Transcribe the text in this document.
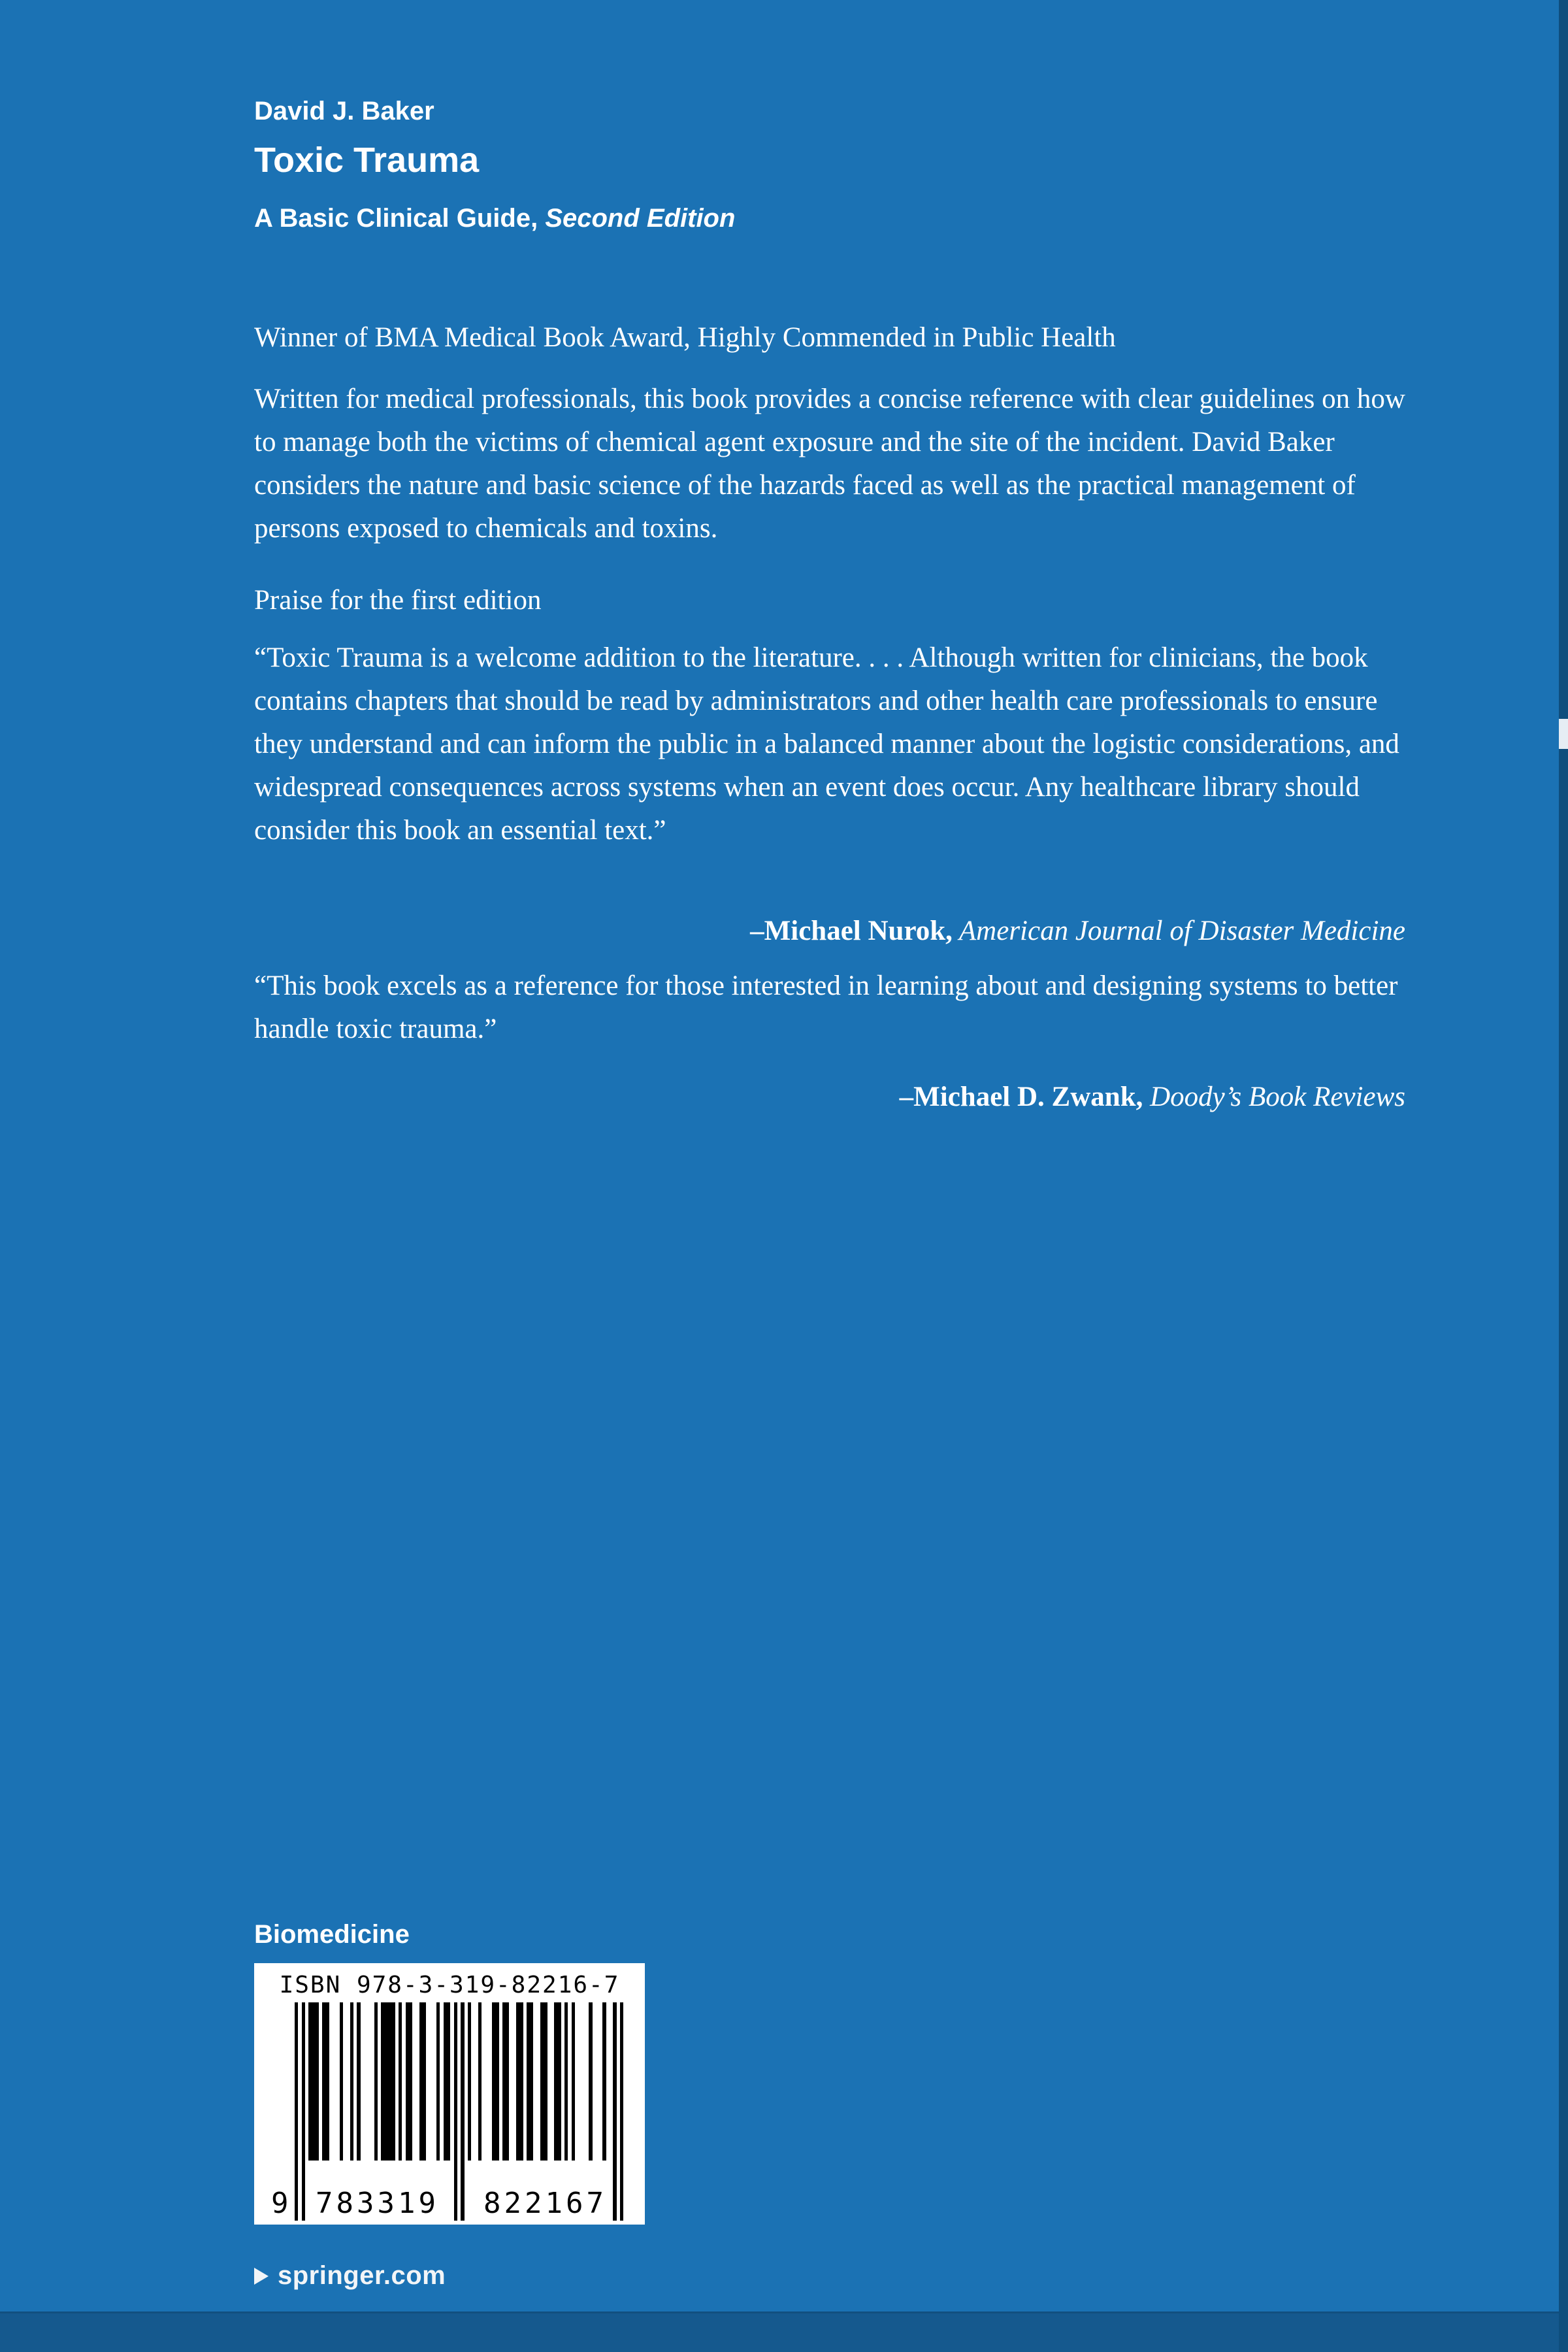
David J. Baker
Toxic Trauma
A Basic Clinical Guide, Second Edition

Winner of BMA Medical Book Award, Highly Commended in Public Health

Written for medical professionals, this book provides a concise reference with clear guidelines on how to manage both the victims of chemical agent exposure and the site of the incident. David Baker considers the nature and basic science of the hazards faced as well as the practical management of persons exposed to chemicals and toxins.

Praise for the first edition

“Toxic Trauma is a welcome addition to the literature. . . . Although written for clinicians, the book contains chapters that should be read by administrators and other health care professionals to ensure they understand and can inform the public in a balanced manner about the logistic considerations, and widespread consequences across systems when an event does occur. Any healthcare library should consider this book an essential text.”

–Michael Nurok, American Journal of Disaster Medicine

“This book excels as a reference for those interested in learning about and designing systems to better handle toxic trauma.”

–Michael D. Zwank, Doody’s Book Reviews

Biomedicine
ISBN 978-3-319-82216-7
9 783319	822167
springer.com
